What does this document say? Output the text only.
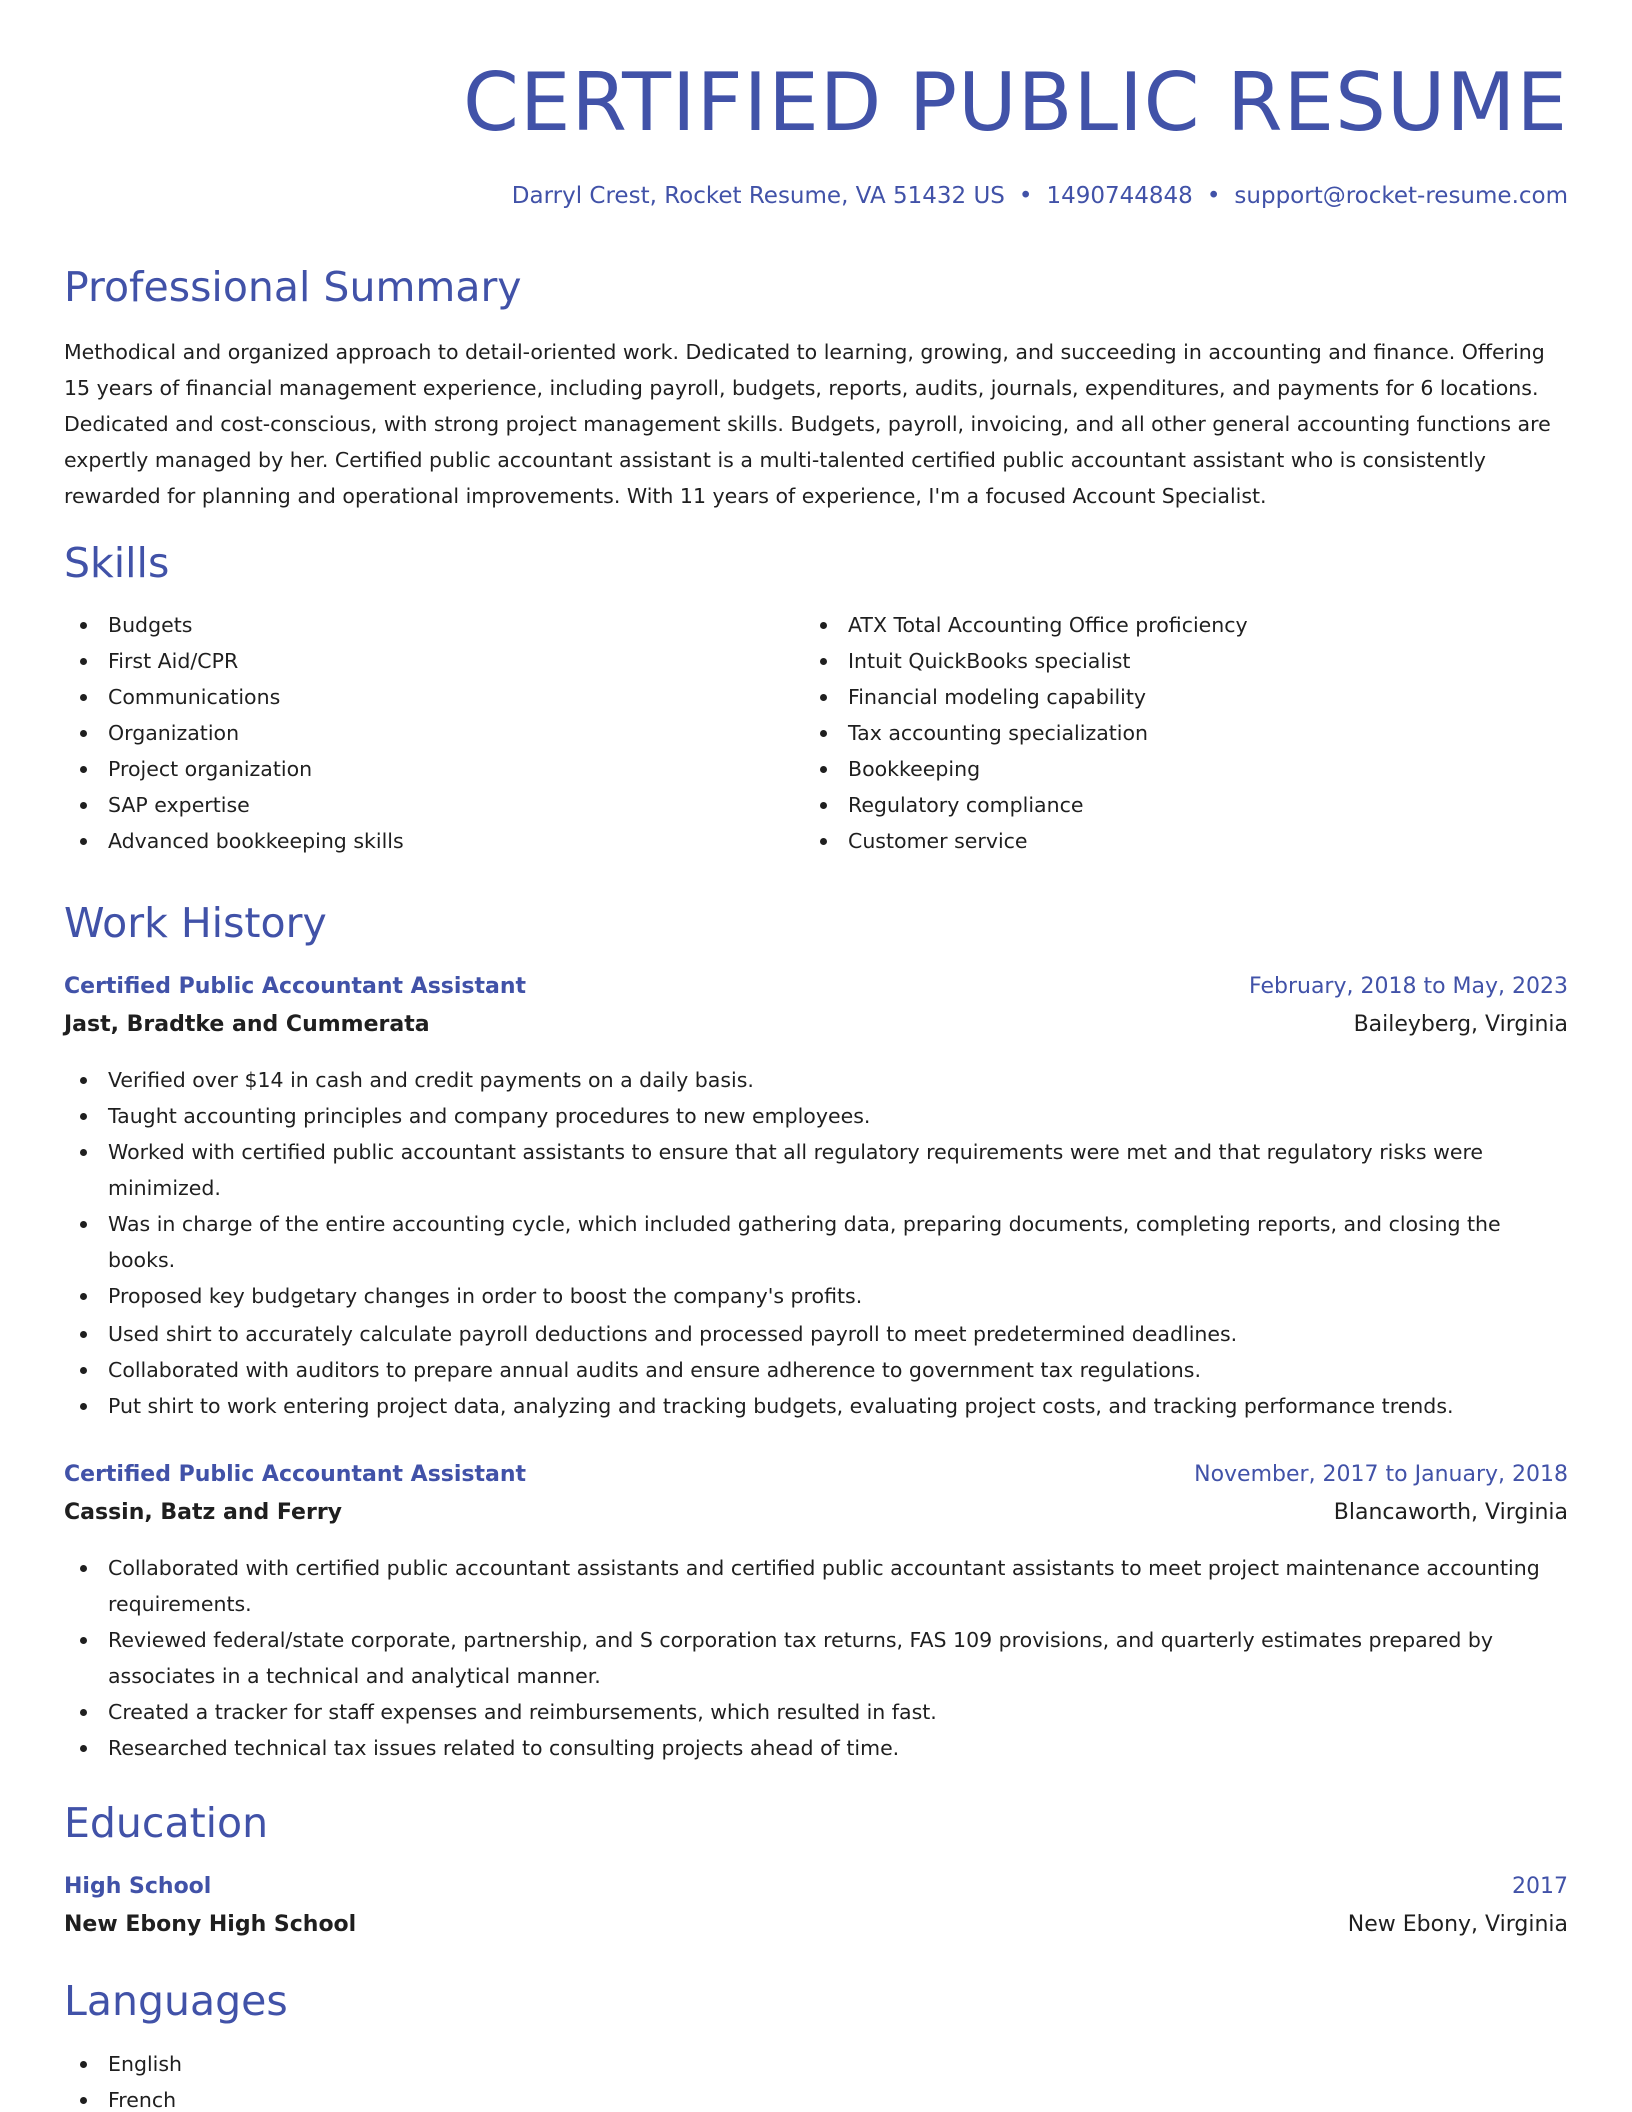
CERTIFIED PUBLIC RESUME
Darryl Crest, Rocket Resume, VA 51432 US • 1490744848 • support@rocket-resume.com
Professional Summary

Methodical and organized approach to detail-oriented work. Dedicated to learning, growing, and succeeding in accounting and finance. Offering 15 years of financial management experience, including payroll, budgets, reports, audits, journals, expenditures, and payments for 6 locations. Dedicated and cost-conscious, with strong project management skills. Budgets, payroll, invoicing, and all other general accounting functions are expertly managed by her. Certified public accountant assistant is a multi-talented certified public accountant assistant who is consistently rewarded for planning and operational improvements. With 11 years of experience, I'm a focused Account Specialist.

Skills
Budgets
First Aid/CPR
Communications
Organization
Project organization
SAP expertise
Advanced bookkeeping skills
ATX Total Accounting Office proficiency
Intuit QuickBooks specialist
Financial modeling capability
Tax accounting specialization
Bookkeeping
Regulatory compliance
Customer service
Work History
Certified Public Accountant Assistant	February, 2018 to May, 2023
Jast, Bradtke and Cummerata	Baileyberg, Virginia
Verified over $14 in cash and credit payments on a daily basis.
Taught accounting principles and company procedures to new employees.
Worked with certified public accountant assistants to ensure that all regulatory requirements were met and that regulatory risks were minimized.
Was in charge of the entire accounting cycle, which included gathering data, preparing documents, completing reports, and closing the books.
Proposed key budgetary changes in order to boost the company's profits.
Used shirt to accurately calculate payroll deductions and processed payroll to meet predetermined deadlines.
Collaborated with auditors to prepare annual audits and ensure adherence to government tax regulations.
Put shirt to work entering project data, analyzing and tracking budgets, evaluating project costs, and tracking performance trends.
Certified Public Accountant Assistant	November, 2017 to January, 2018
Cassin, Batz and Ferry	Blancaworth, Virginia
Collaborated with certified public accountant assistants and certified public accountant assistants to meet project maintenance accounting requirements.
Reviewed federal/state corporate, partnership, and S corporation tax returns, FAS 109 provisions, and quarterly estimates prepared by associates in a technical and analytical manner.
Created a tracker for staff expenses and reimbursements, which resulted in fast.
Researched technical tax issues related to consulting projects ahead of time.
Education
High School	2017
New Ebony High School	New Ebony, Virginia
Languages
English
French
